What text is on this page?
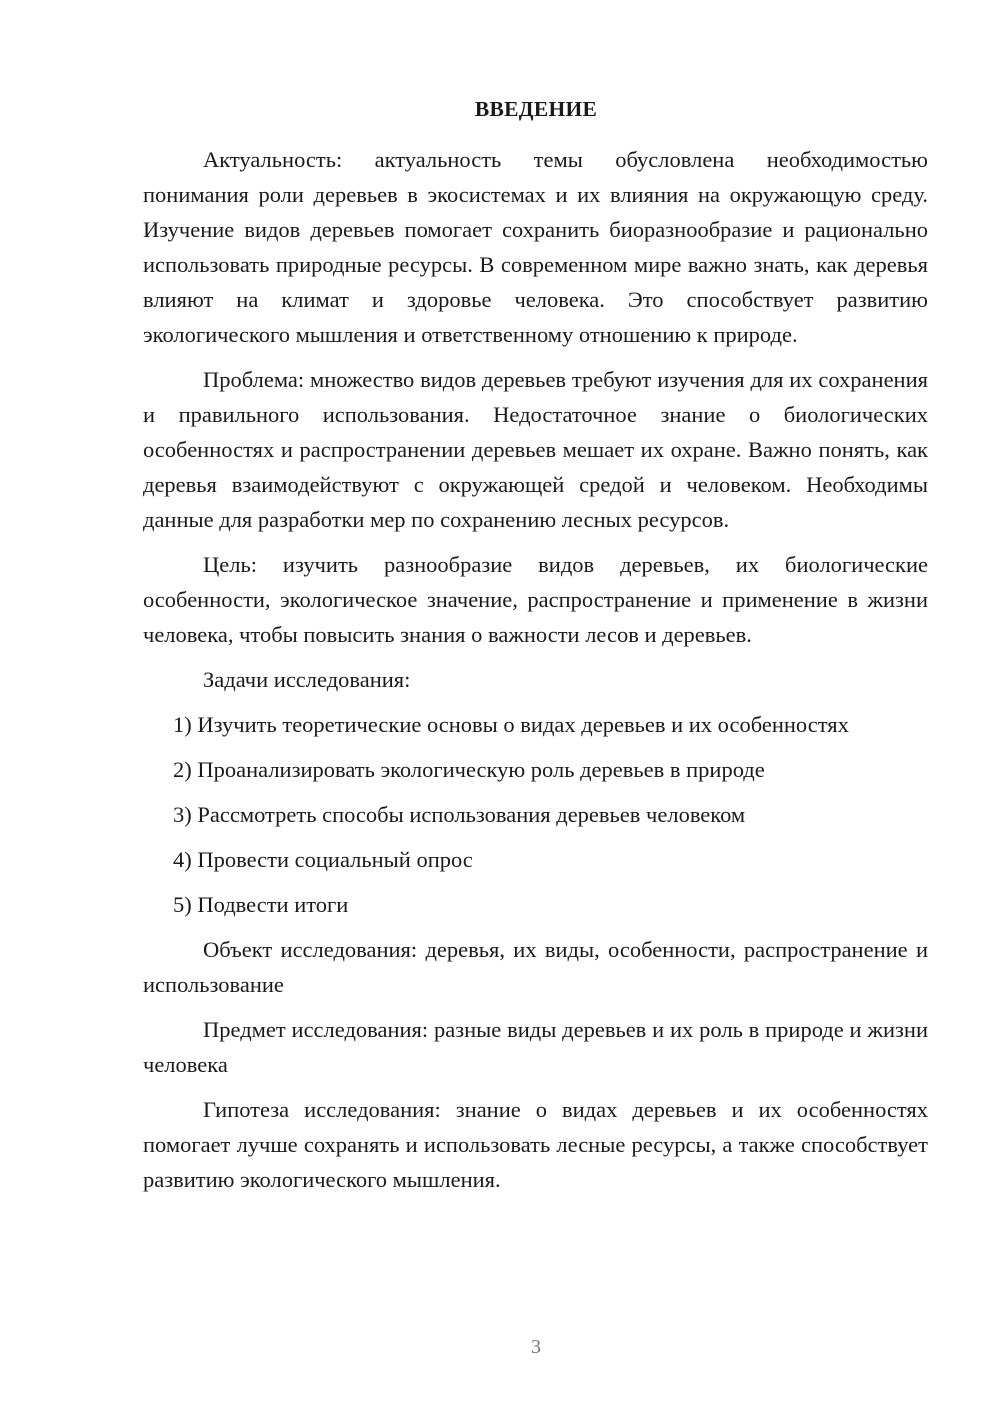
ВВЕДЕНИЕ

Актуальность: актуальность темы обусловлена необходимостью понимания роли деревьев в экосистемах и их влияния на окружающую среду. Изучение видов деревьев помогает сохранить биоразнообразие и рационально использовать природные ресурсы. В современном мире важно знать, как деревья влияют на климат и здоровье человека. Это способствует развитию экологического мышления и ответственному отношению к природе.

Проблема: множество видов деревьев требуют изучения для их сохранения и правильного использования. Недостаточное знание о биологических особенностях и распространении деревьев мешает их охране. Важно понять, как деревья взаимодействуют с окружающей средой и человеком. Необходимы данные для разработки мер по сохранению лесных ресурсов.

Цель: изучить разнообразие видов деревьев, их биологические особенности, экологическое значение, распространение и применение в жизни человека, чтобы повысить знания о важности лесов и деревьев.

Задачи исследования:

1) Изучить теоретические основы о видах деревьев и их особенностях
2) Проанализировать экологическую роль деревьев в природе
3) Рассмотреть способы использования деревьев человеком
4) Провести социальный опрос
5) Подвести итоги

Объект исследования: деревья, их виды, особенности, распространение и использование

Предмет исследования: разные виды деревьев и их роль в природе и жизни человека

Гипотеза исследования: знание о видах деревьев и их особенностях помогает лучше сохранять и использовать лесные ресурсы, а также способствует развитию экологического мышления.

3
